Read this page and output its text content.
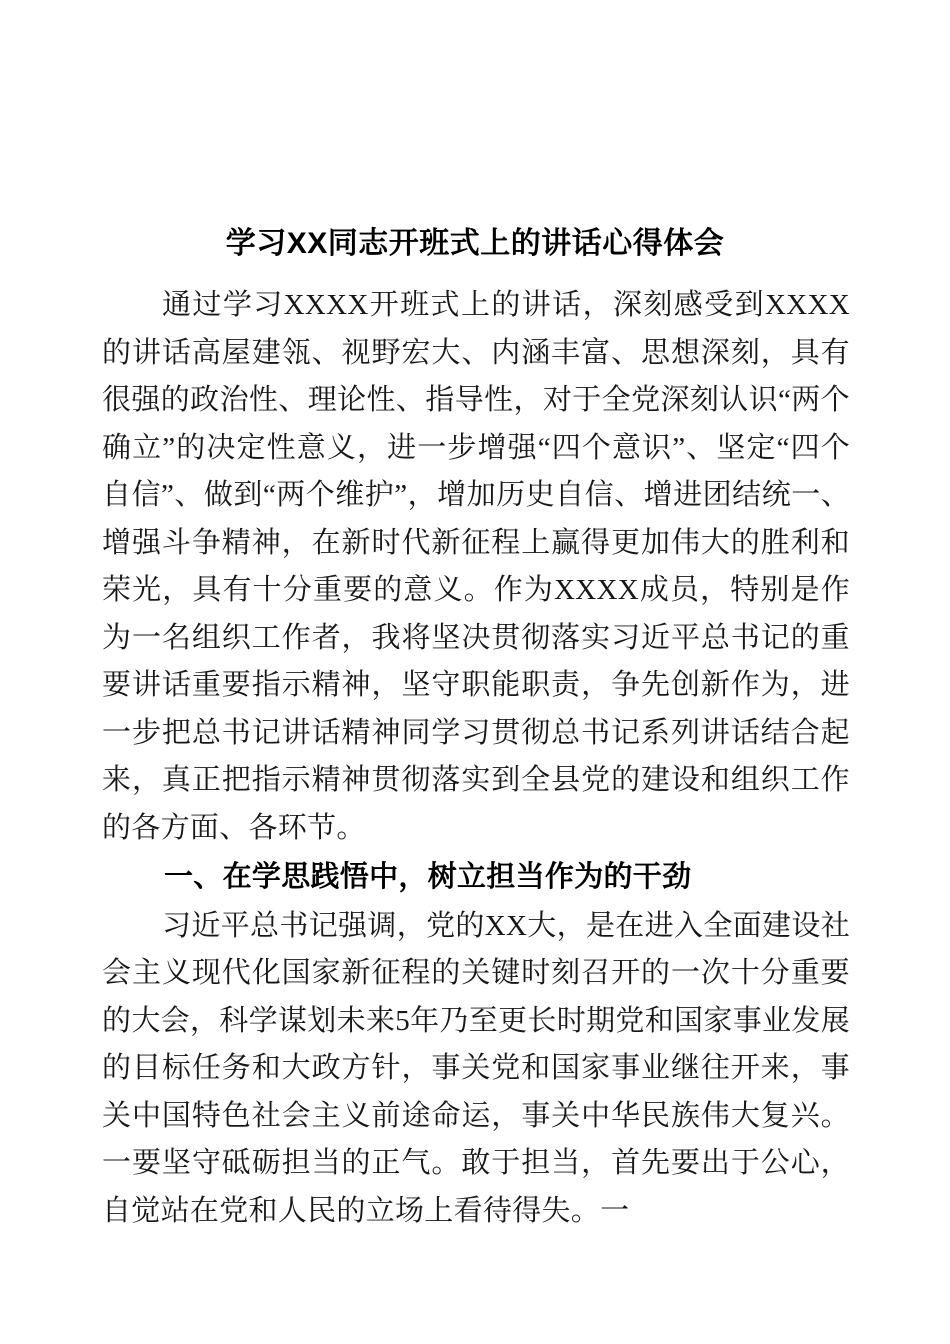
学习XX同志开班式上的讲话心得体会

通过学习XXXX开班式上的讲话，深刻感受到XXXX的讲话高屋建瓴、视野宏大、内涵丰富、思想深刻，具有很强的政治性、理论性、指导性，对于全党深刻认识“两个确立”的决定性意义，进一步增强“四个意识”、坚定“四个自信”、做到“两个维护”，增加历史自信、增进团结统一、增强斗争精神，在新时代新征程上赢得更加伟大的胜利和荣光，具有十分重要的意义。作为XXXX成员，特别是作为一名组织工作者，我将坚决贯彻落实习近平总书记的重要讲话重要指示精神，坚守职能职责，争先创新作为，进一步把总书记讲话精神同学习贯彻总书记系列讲话结合起来，真正把指示精神贯彻落实到全县党的建设和组织工作的各方面、各环节。

一、在学思践悟中，树立担当作为的干劲

习近平总书记强调，党的XX大，是在进入全面建设社会主义现代化国家新征程的关键时刻召开的一次十分重要的大会，科学谋划未来5年乃至更长时期党和国家事业发展的目标任务和大政方针，事关党和国家事业继往开来，事关中国特色社会主义前途命运，事关中华民族伟大复兴。一要坚守砥砺担当的正气。敢于担当，首先要出于公心，自觉站在党和人民的立场上看待得失。一
